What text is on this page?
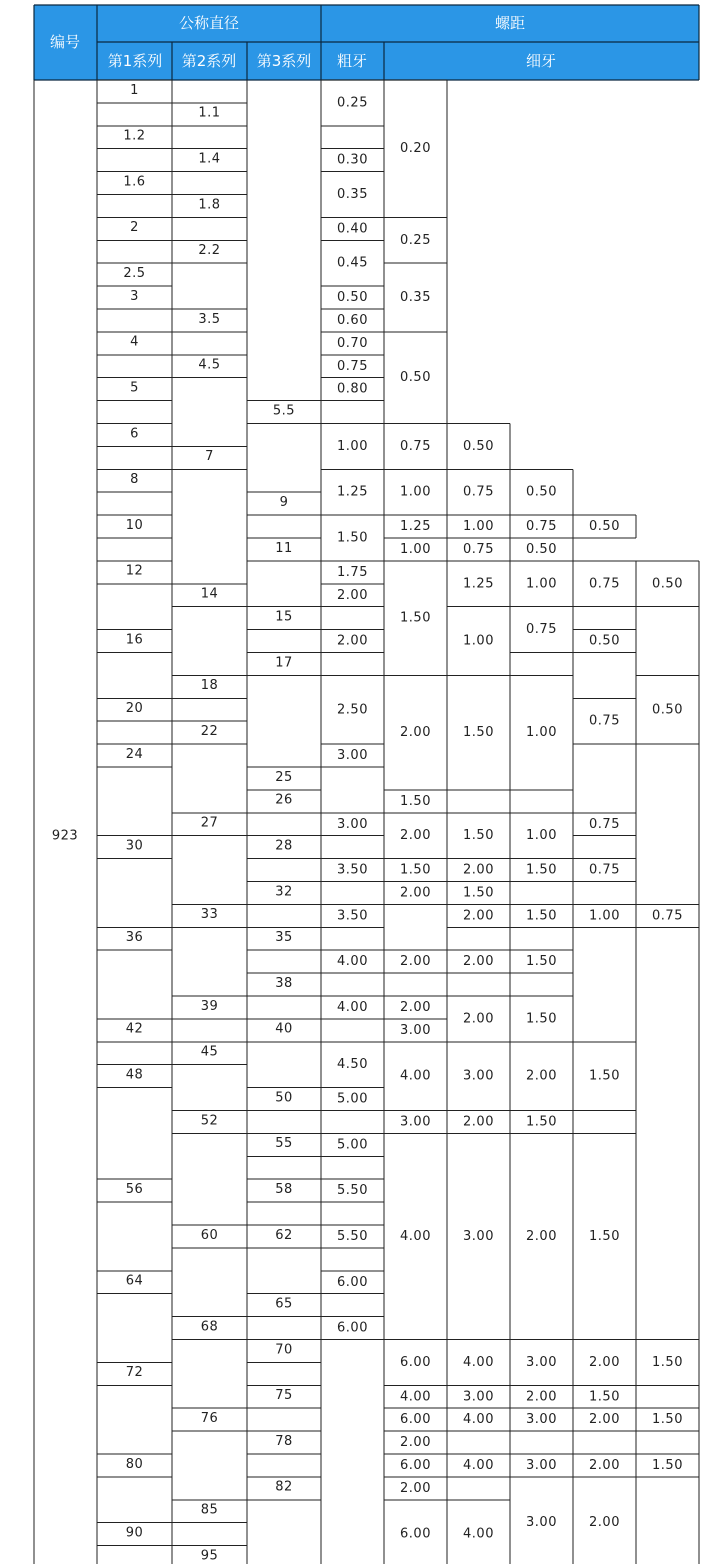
编号
公称直径	螺距
第1系列 第2系列 第3系列 粗牙	细牙
923
1
1.2
1.6
2
2.5
3
4
5
6
8
10
12
16
20
24
30
36
42
48
56
64
72
80
90
1.1
1.4
1.8
2.2
3.5
4.5
7
14
18
22
27
33
39
45
52
60
68
76
85
95
5.5
9
11
15
17
25
26
28
32
35
38
40
50
55
58
62
65
70
75
78
82
0.25
0.30
0.35
0.40
0.45
0.50
0.60
0.70
0.75
0.80
1.00
1.25
1.50
1.75
2.00
2.00
2.50
3.00
3.00
3.50
3.50
4.00
4.00
4.50
5.00
5.00
5.50
5.50
6.00
6.00
0.20
0.25
0.35
0.50
0.75
1.00
1.25
1.00
1.50
2.00
1.50
2.00
1.50
2.00
2.00
2.00
3.00
4.00
3.00
4.00
6.00
4.00
6.00
2.00
6.00
2.00
6.00
0.50
0.75
1.00
0.75
1.25
1.00
1.50
1.50
2.00
1.50
2.00
2.00
2.00
3.00
2.00
3.00
4.00
3.00
4.00
4.00
4.00
0.50
0.75
0.50
1.00
0.75
1.00
1.00
1.50
1.50
1.50
1.50
2.00
1.50
2.00
3.00
2.00
3.00
3.00
3.00
0.50
0.75
0.50
0.75
0.75
0.75
1.00
1.50
1.50
2.00
1.50
2.00
2.00
2.00
0.50
0.50
0.75
1.50
1.50
1.50
